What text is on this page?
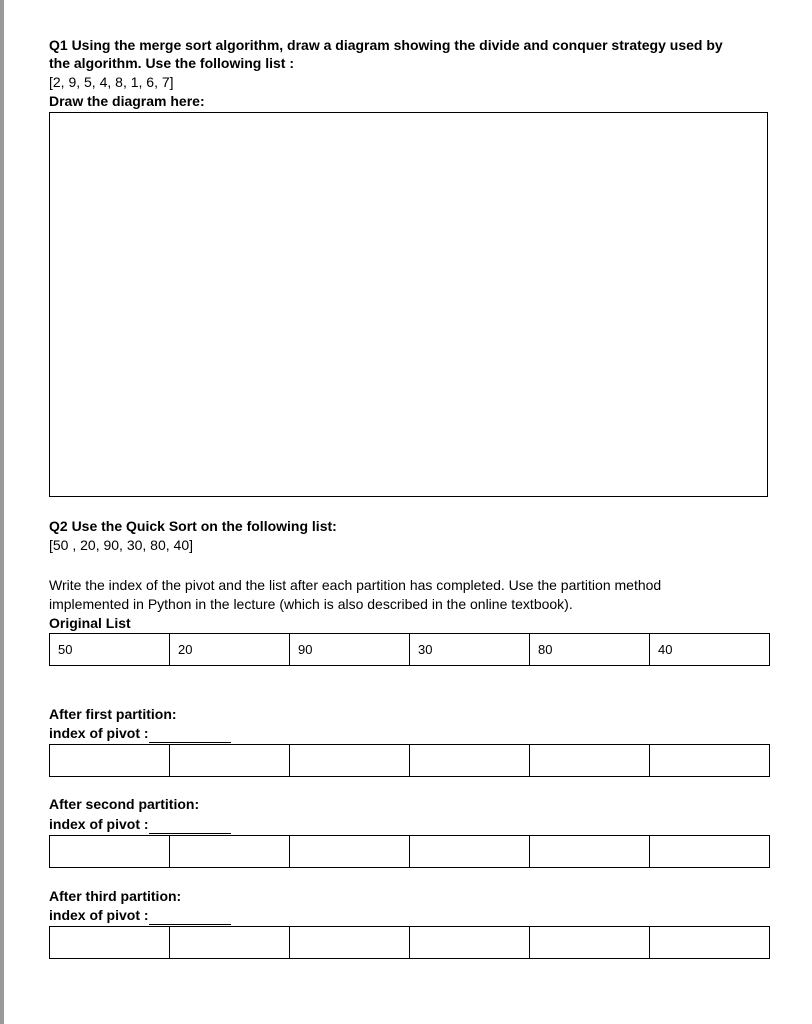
Q1 Using the merge sort algorithm, draw a diagram showing the divide and conquer strategy used by
the algorithm. Use the following list :
[2, 9, 5, 4, 8, 1, 6, 7]
Draw the diagram here:
Q2 Use the Quick Sort on the following list:
[50 , 20, 90, 30, 80, 40]
Write the index of the pivot and the list after each partition has completed. Use the partition method
implemented in Python in the lecture (which is also described in the online textbook).
Original List
50	20	90	30	80	40
After first partition:
index of pivot :
After second partition:
index of pivot :
After third partition:
index of pivot :
